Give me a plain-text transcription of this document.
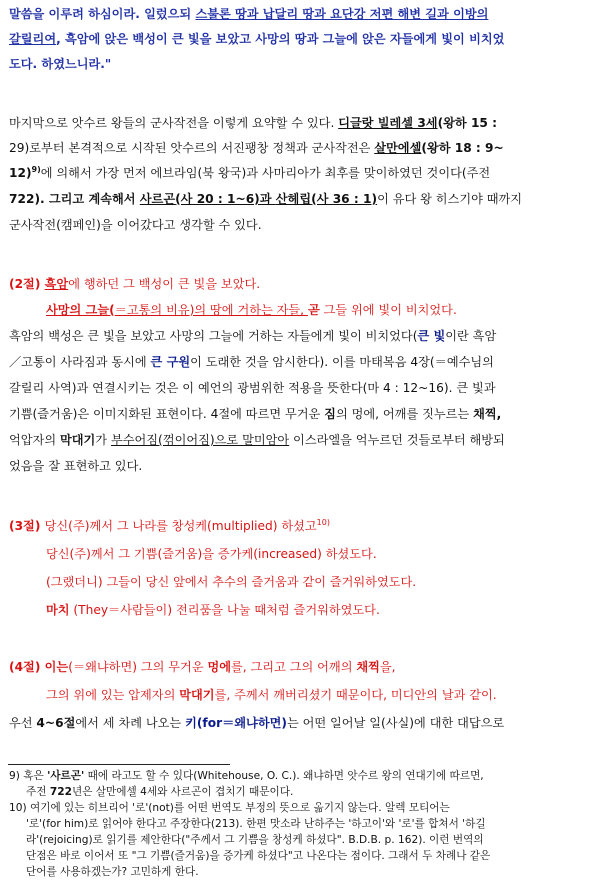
말씀을 이루려 하심이라. 일렀으되 스불론 땅과 납달리 땅과 요단강 저편 해변 길과 이방의
갈릴리여, 흑암에 앉은 백성이 큰 빛을 보았고 사망의 땅과 그늘에 앉은 자들에게 빛이 비치었
도다. 하였느니라."
마지막으로 앗수르 왕들의 군사작전을 이렇게 요약할 수 있다. 디글랏 빌레셀 3세(왕하 15 :
29)로부터 본격적으로 시작된 앗수르의 서진팽창 정책과 군사작전은 살만에셀(왕하 18 : 9~
12)$^{9)}$에 의해서 가장 먼저 에브라임(북 왕국)과 사마리아가 최후를 맞이하였던 것이다(주전
722). 그리고 계속해서 사르곤(사 20 : 1~6)과 산헤립(사 36 : 1)이 유다 왕 히스기야 때까지
군사작전(캠페인)을 이어갔다고 생각할 수 있다.
(2절) 흑암에 행하던 그 백성이 큰 빛을 보았다.
사망의 그늘(＝고통의 비유)의 땅에 거하는 자들, 곧 그들 위에 빛이 비치었다.
흑암의 백성은 큰 빛을 보았고 사망의 그늘에 거하는 자들에게 빛이 비치었다(큰 빛이란 흑암
／고통이 사라짐과 동시에 큰 구원이 도래한 것을 암시한다). 이를 마태복음 4장(＝예수님의
갈릴리 사역)과 연결시키는 것은 이 예언의 광범위한 적용을 뜻한다(마 4 : 12~16). 큰 빛과
기쁨(즐거움)은 이미지화된 표현이다. 4절에 따르면 무거운 짐의 멍에, 어깨를 짓누르는 채찍,
억압자의 막대기가 부수어짐(꺾이어짐)으로 말미암아 이스라엘을 억누르던 것들로부터 해방되
었음을 잘 표현하고 있다.
(3절) 당신(주)께서 그 나라를 창성케(multiplied) 하셨고$^{10)}$
당신(주)께서 그 기쁨(즐거움)을 증가케(increased) 하셨도다.
(그랬더니) 그들이 당신 앞에서 추수의 즐거움과 같이 즐거워하였도다.
마치 (They＝사람들이) 전리품을 나눌 때처럼 즐거워하였도다.
(4절) 이는(＝왜냐하면) 그의 무거운 멍에를, 그리고 그의 어깨의 채찍을,
그의 위에 있는 압제자의 막대기를, 주께서 깨버리셨기 때문이다, 미디안의 날과 같이.
우선 4~6절에서 세 차례 나오는 키(for＝왜냐하면)는 어떤 일어날 일(사실)에 대한 대답으로
9) 혹은 '사르곤' 때에 라고도 할 수 있다(Whitehouse, O. C.). 왜냐하면 앗수르 왕의 연대기에 따르면,
주전 722년은 살만에셀 4세와 사르곤이 겹치기 때문이다.
10) 여기에 있는 히브리어 '로'(not)를 어떤 번역도 부정의 뜻으로 옮기지 않는다. 알렉 모티어는
'로'(for him)로 읽어야 한다고 주장한다(213). 한편 맛소라 난하주는 '하고이'와 '로'를 합쳐서 '하길
라'(rejoicing)로 읽기를 제안한다("주께서 그 기쁨을 창성케 하셨다". B.D.B. p. 162). 이런 번역의
단점은 바로 이어서 또 "그 기쁨(즐거움)을 증가케 하셨다"고 나온다는 점이다. 그래서 두 차례나 같은
단어를 사용하겠는가? 고민하게 한다.
